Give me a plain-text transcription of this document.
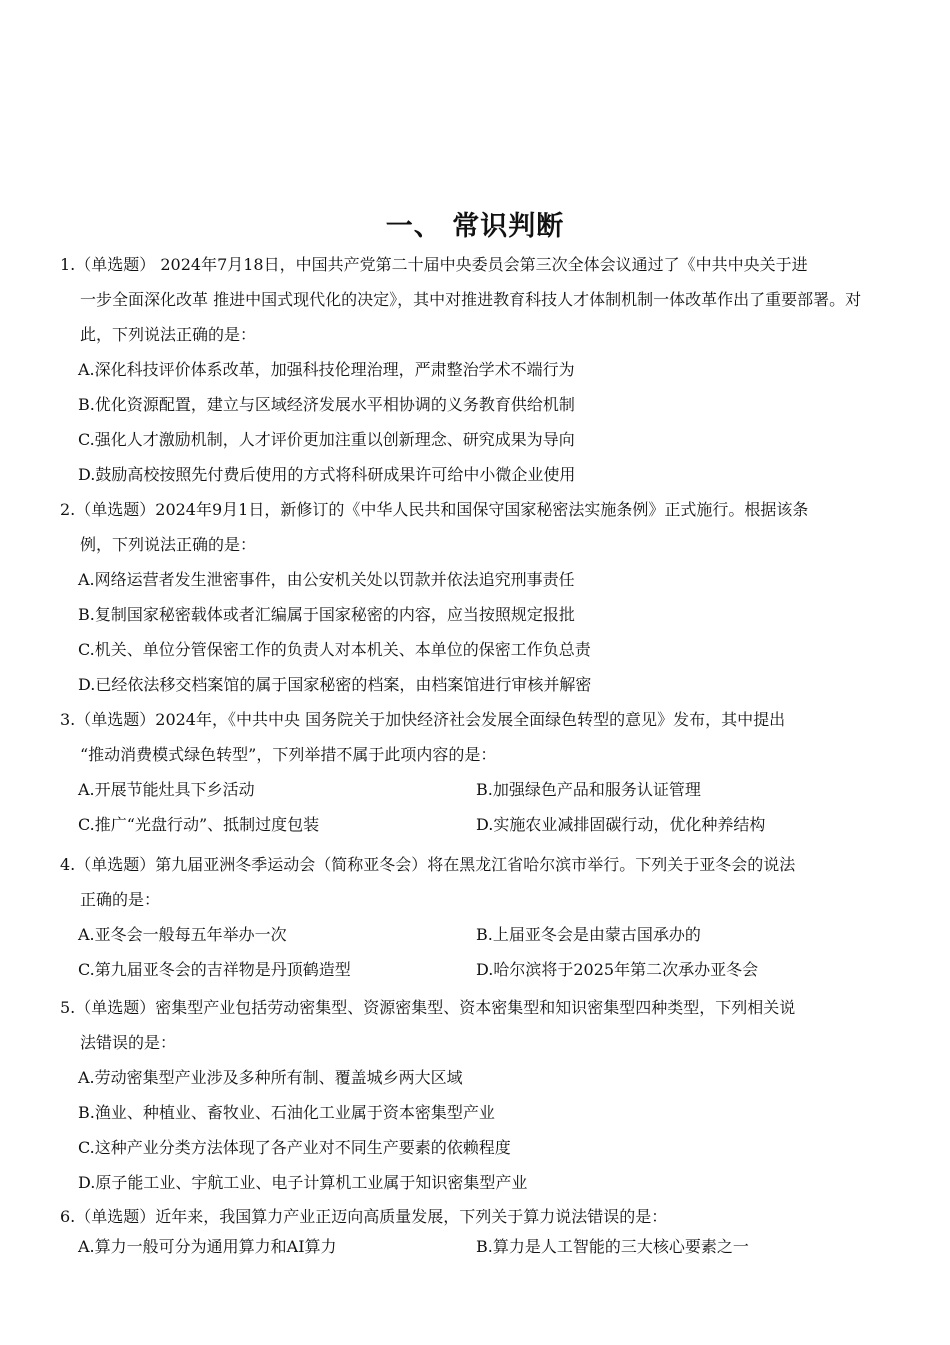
一、 常识判断
1.（单选题） 2024年7月18日，中国共产党第二十届中央委员会第三次全体会议通过了《中共中央关于进
一步全面深化改革 推进中国式现代化的决定》，其中对推进教育科技人才体制机制一体改革作出了重要部署。对此，下列说法正确的是：
A.深化科技评价体系改革，加强科技伦理治理，严肃整治学术不端行为
B.优化资源配置，建立与区域经济发展水平相协调的义务教育供给机制
C.强化人才激励机制，人才评价更加注重以创新理念、研究成果为导向
D.鼓励高校按照先付费后使用的方式将科研成果许可给中小微企业使用
2.（单选题）2024年9月1日，新修订的《中华人民共和国保守国家秘密法实施条例》正式施行。根据该条
例，下列说法正确的是：
A.网络运营者发生泄密事件，由公安机关处以罚款并依法追究刑事责任
B.复制国家秘密载体或者汇编属于国家秘密的内容，应当按照规定报批
C.机关、单位分管保密工作的负责人对本机关、本单位的保密工作负总责
D.已经依法移交档案馆的属于国家秘密的档案，由档案馆进行审核并解密
3.（单选题）2024年，《中共中央 国务院关于加快经济社会发展全面绿色转型的意见》发布，其中提出
“推动消费模式绿色转型”，下列举措不属于此项内容的是：
A.开展节能灶具下乡活动	B.加强绿色产品和服务认证管理
C.推广“光盘行动”、抵制过度包装	D.实施农业减排固碳行动，优化种养结构
4.（单选题）第九届亚洲冬季运动会（简称亚冬会）将在黑龙江省哈尔滨市举行。下列关于亚冬会的说法
正确的是：
A.亚冬会一般每五年举办一次	B.上届亚冬会是由蒙古国承办的
C.第九届亚冬会的吉祥物是丹顶鹤造型	D.哈尔滨将于2025年第二次承办亚冬会
5.（单选题）密集型产业包括劳动密集型、资源密集型、资本密集型和知识密集型四种类型，下列相关说
法错误的是：
A.劳动密集型产业涉及多种所有制、覆盖城乡两大区域
B.渔业、种植业、畜牧业、石油化工业属于资本密集型产业
C.这种产业分类方法体现了各产业对不同生产要素的依赖程度
D.原子能工业、宇航工业、电子计算机工业属于知识密集型产业
6.（单选题）近年来，我国算力产业正迈向高质量发展，下列关于算力说法错误的是：
A.算力一般可分为通用算力和AI算力	B.算力是人工智能的三大核心要素之一
